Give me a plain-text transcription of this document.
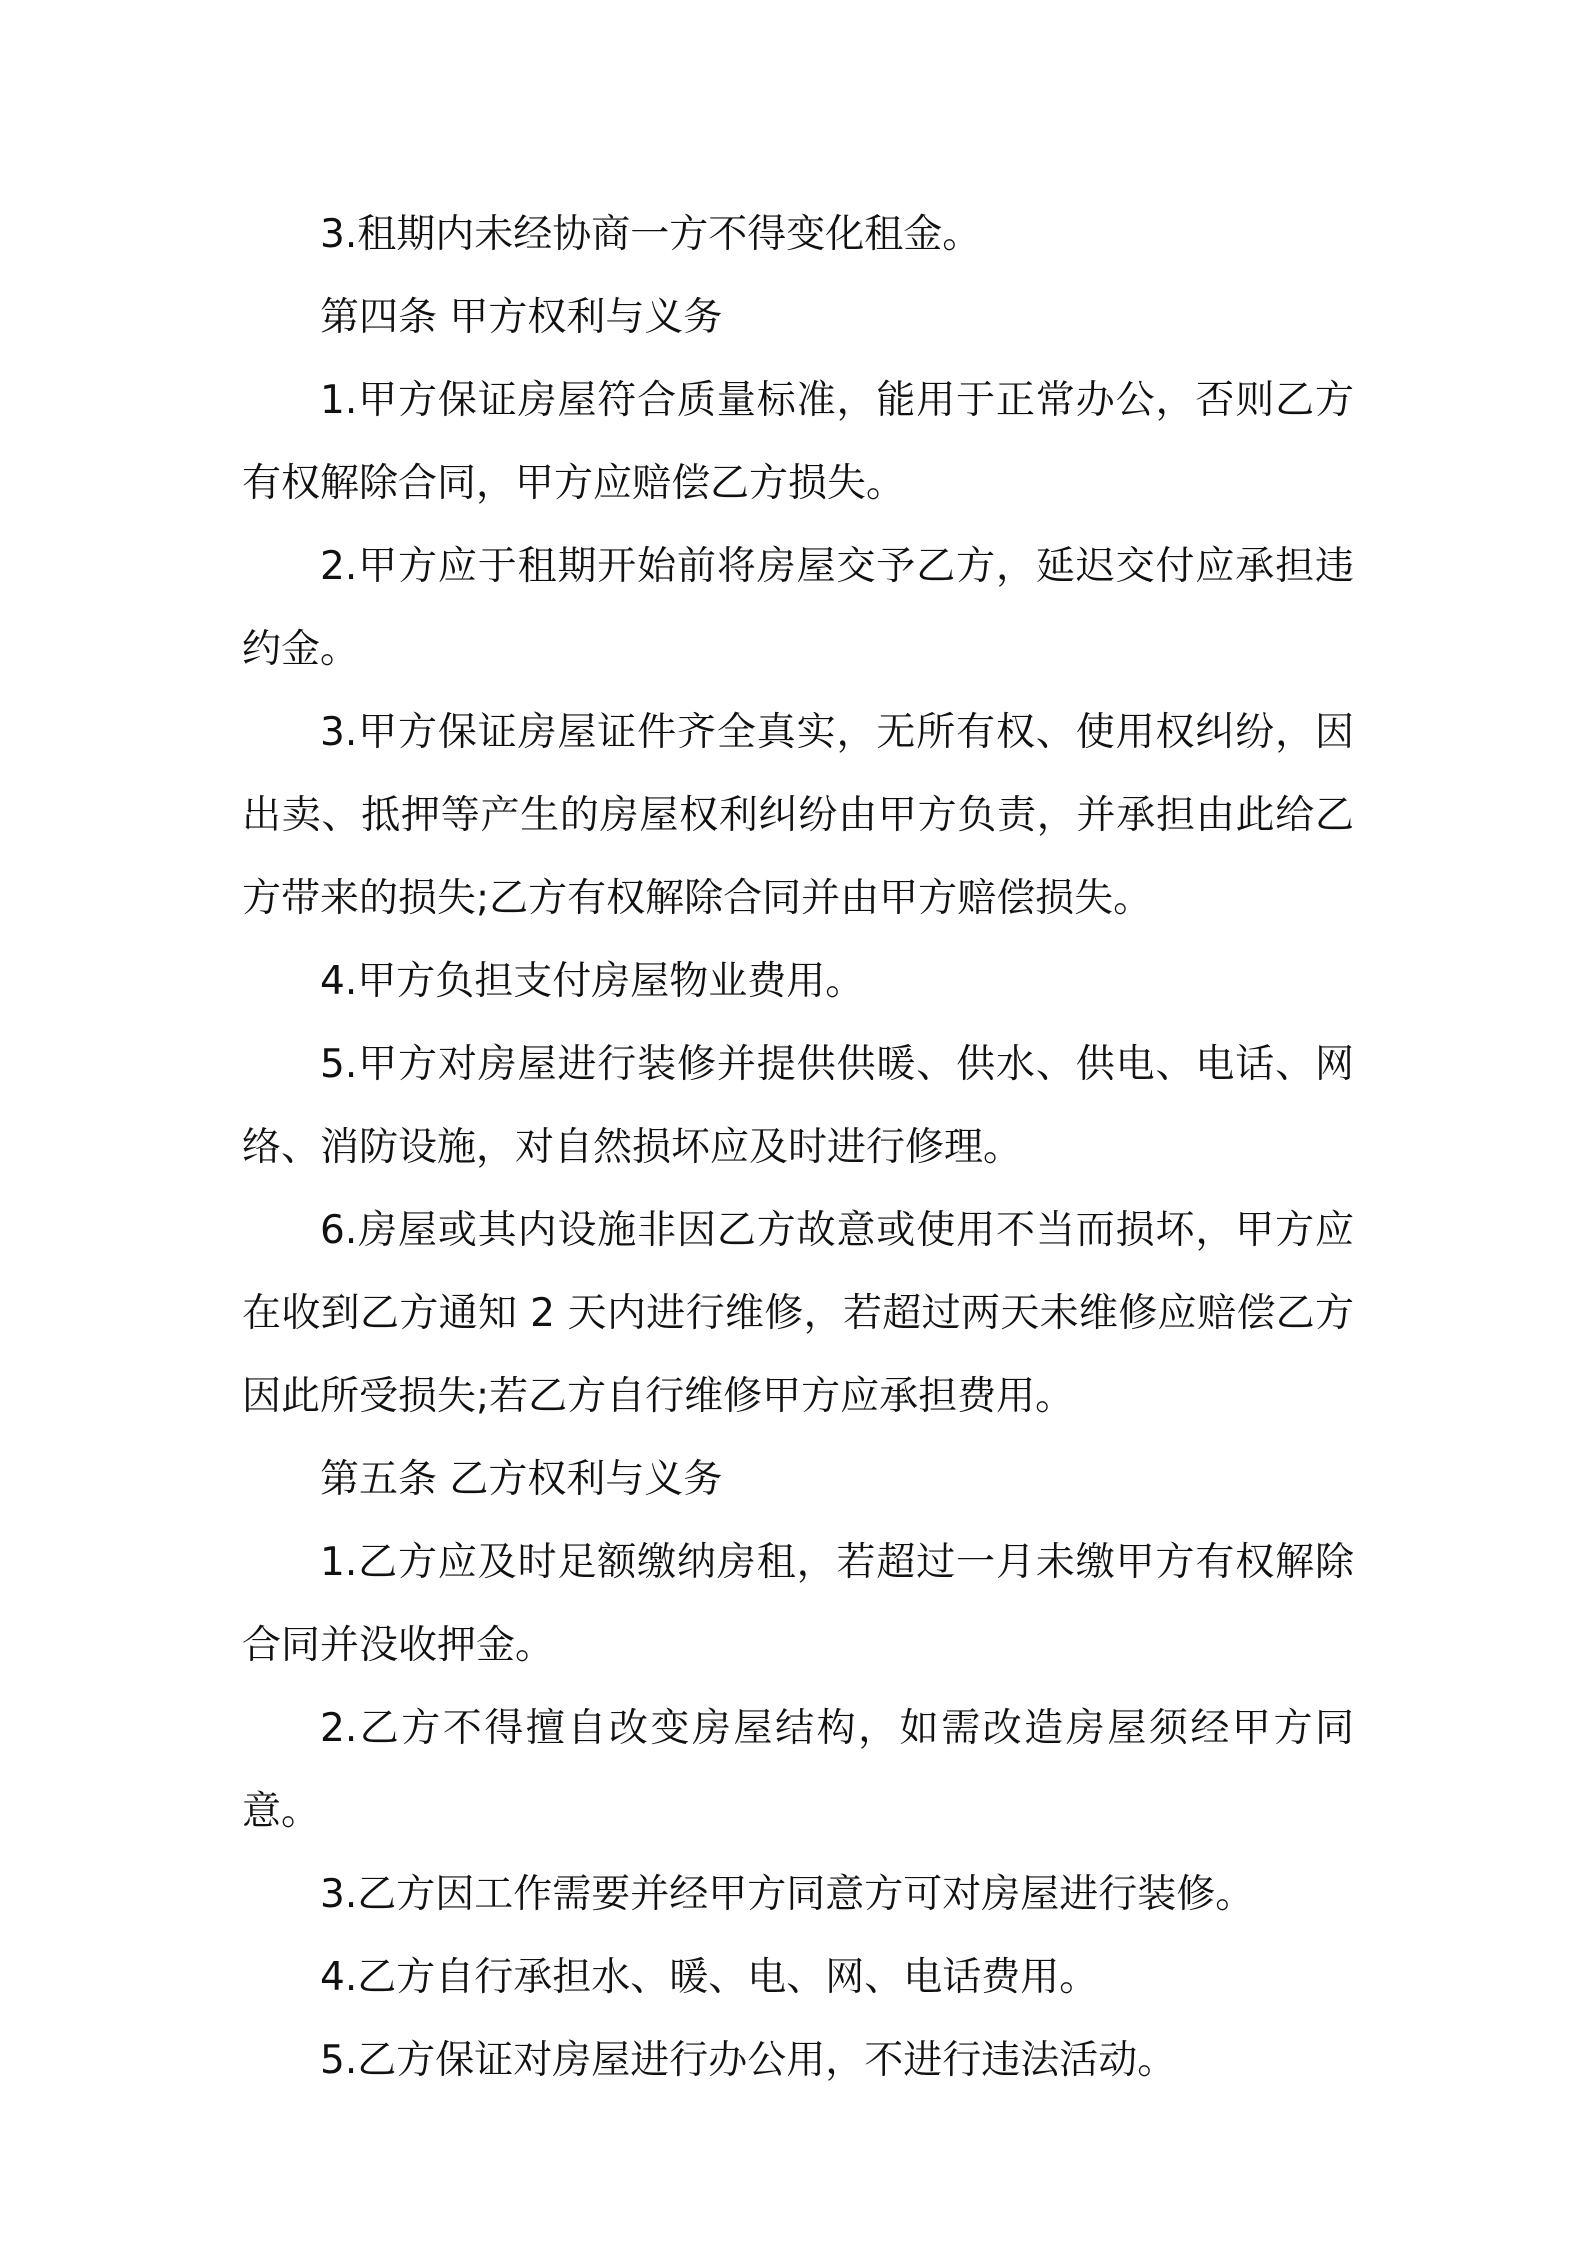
3.租期内未经协商一方不得变化租金。

第四条 甲方权利与义务

1.甲方保证房屋符合质量标准，能用于正常办公，否则乙方有权解除合同，甲方应赔偿乙方损失。

2.甲方应于租期开始前将房屋交予乙方，延迟交付应承担违约金。

3.甲方保证房屋证件齐全真实，无所有权、使用权纠纷，因出卖、抵押等产生的房屋权利纠纷由甲方负责，并承担由此给乙方带来的损失;乙方有权解除合同并由甲方赔偿损失。

4.甲方负担支付房屋物业费用。

5.甲方对房屋进行装修并提供供暖、供水、供电、电话、网络、消防设施，对自然损坏应及时进行修理。

6.房屋或其内设施非因乙方故意或使用不当而损坏，甲方应在收到乙方通知 2 天内进行维修，若超过两天未维修应赔偿乙方因此所受损失;若乙方自行维修甲方应承担费用。

第五条 乙方权利与义务

1.乙方应及时足额缴纳房租，若超过一月未缴甲方有权解除合同并没收押金。

2.乙方不得擅自改变房屋结构，如需改造房屋须经甲方同意。

3.乙方因工作需要并经甲方同意方可对房屋进行装修。

4.乙方自行承担水、暖、电、网、电话费用。

5.乙方保证对房屋进行办公用，不进行违法活动。
